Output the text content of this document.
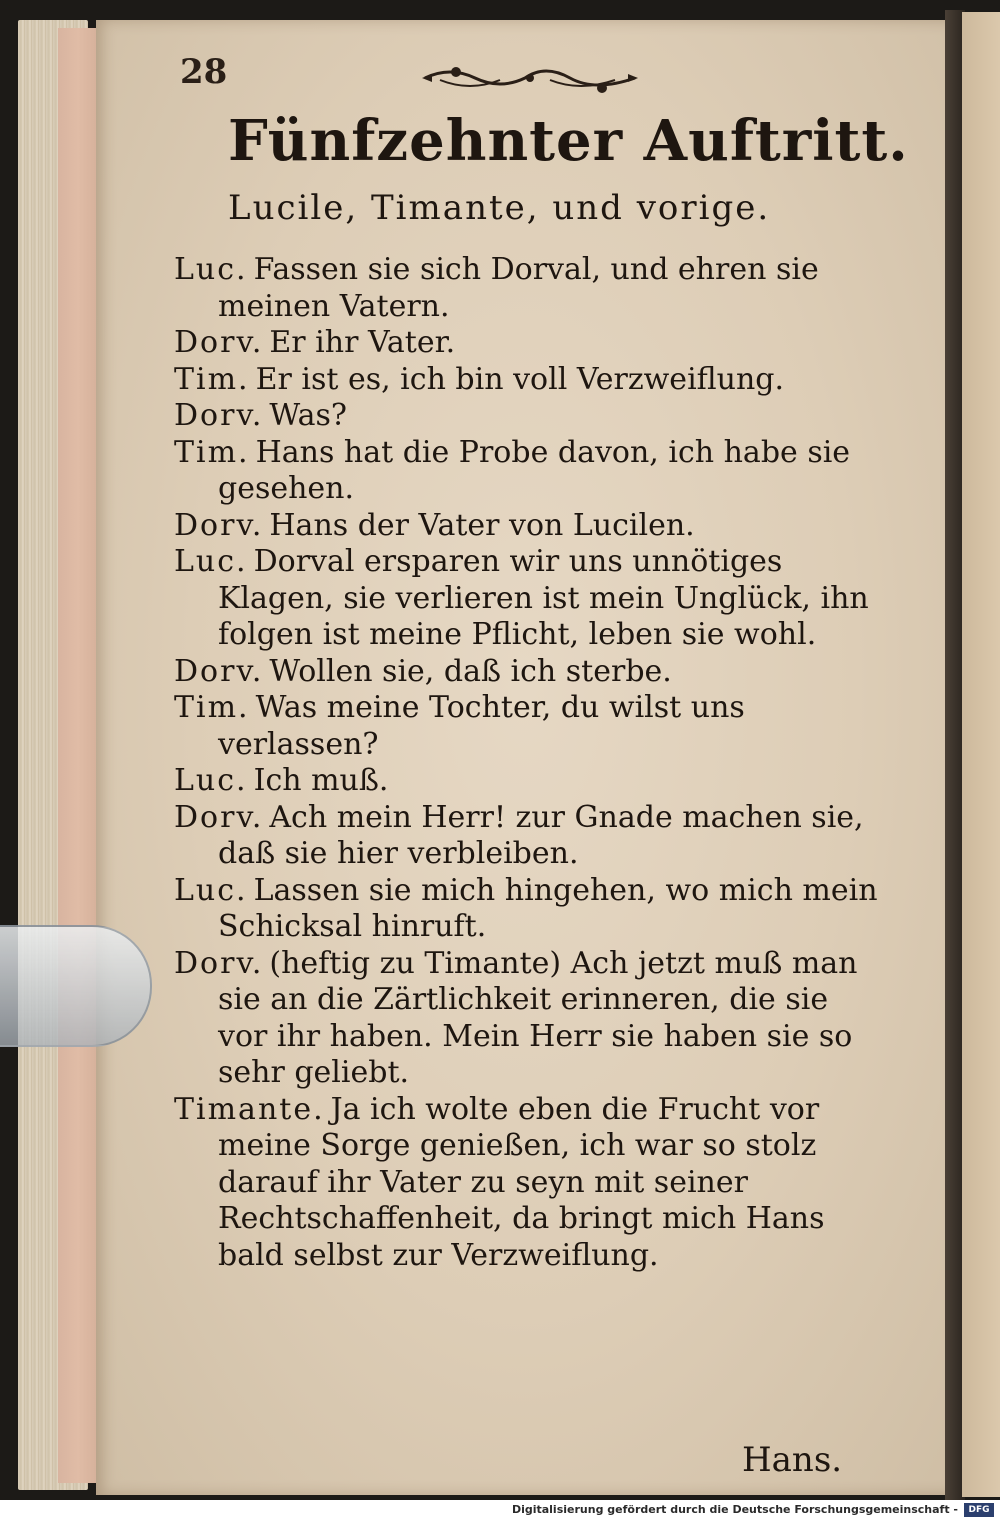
28
Fünfzehnter Auftritt.
Lucile, Timante, und vorige.
Luc. Fassen sie sich Dorval, und ehren sie meinen Vatern.
Dorv. Er ihr Vater.
Tim. Er ist es, ich bin voll Verzweiflung.
Dorv. Was?
Tim. Hans hat die Probe davon, ich habe sie gesehen.
Dorv. Hans der Vater von Lucilen.
Luc. Dorval ersparen wir uns unnötiges Klagen, sie verlieren ist mein Unglück, ihn folgen ist meine Pflicht, leben sie wohl.
Dorv. Wollen sie, daß ich sterbe.
Tim. Was meine Tochter, du wilst uns verlassen?
Luc. Ich muß.
Dorv. Ach mein Herr! zur Gnade machen sie, daß sie hier verbleiben.
Luc. Lassen sie mich hingehen, wo mich mein Schicksal hinruft.
Dorv. (heftig zu Timante) Ach jetzt muß man sie an die Zärtlichkeit erinneren, die sie vor ihr haben. Mein Herr sie haben sie so sehr geliebt.
Timante. Ja ich wolte eben die Frucht vor meine Sorge genießen, ich war so stolz darauf ihr Vater zu seyn mit seiner Rechtschaffenheit, da bringt mich Hans bald selbst zur Verzweiflung.
Hans.
Digitalisierung gefördert durch die Deutsche Forschungsgemeinschaft -	DFG
